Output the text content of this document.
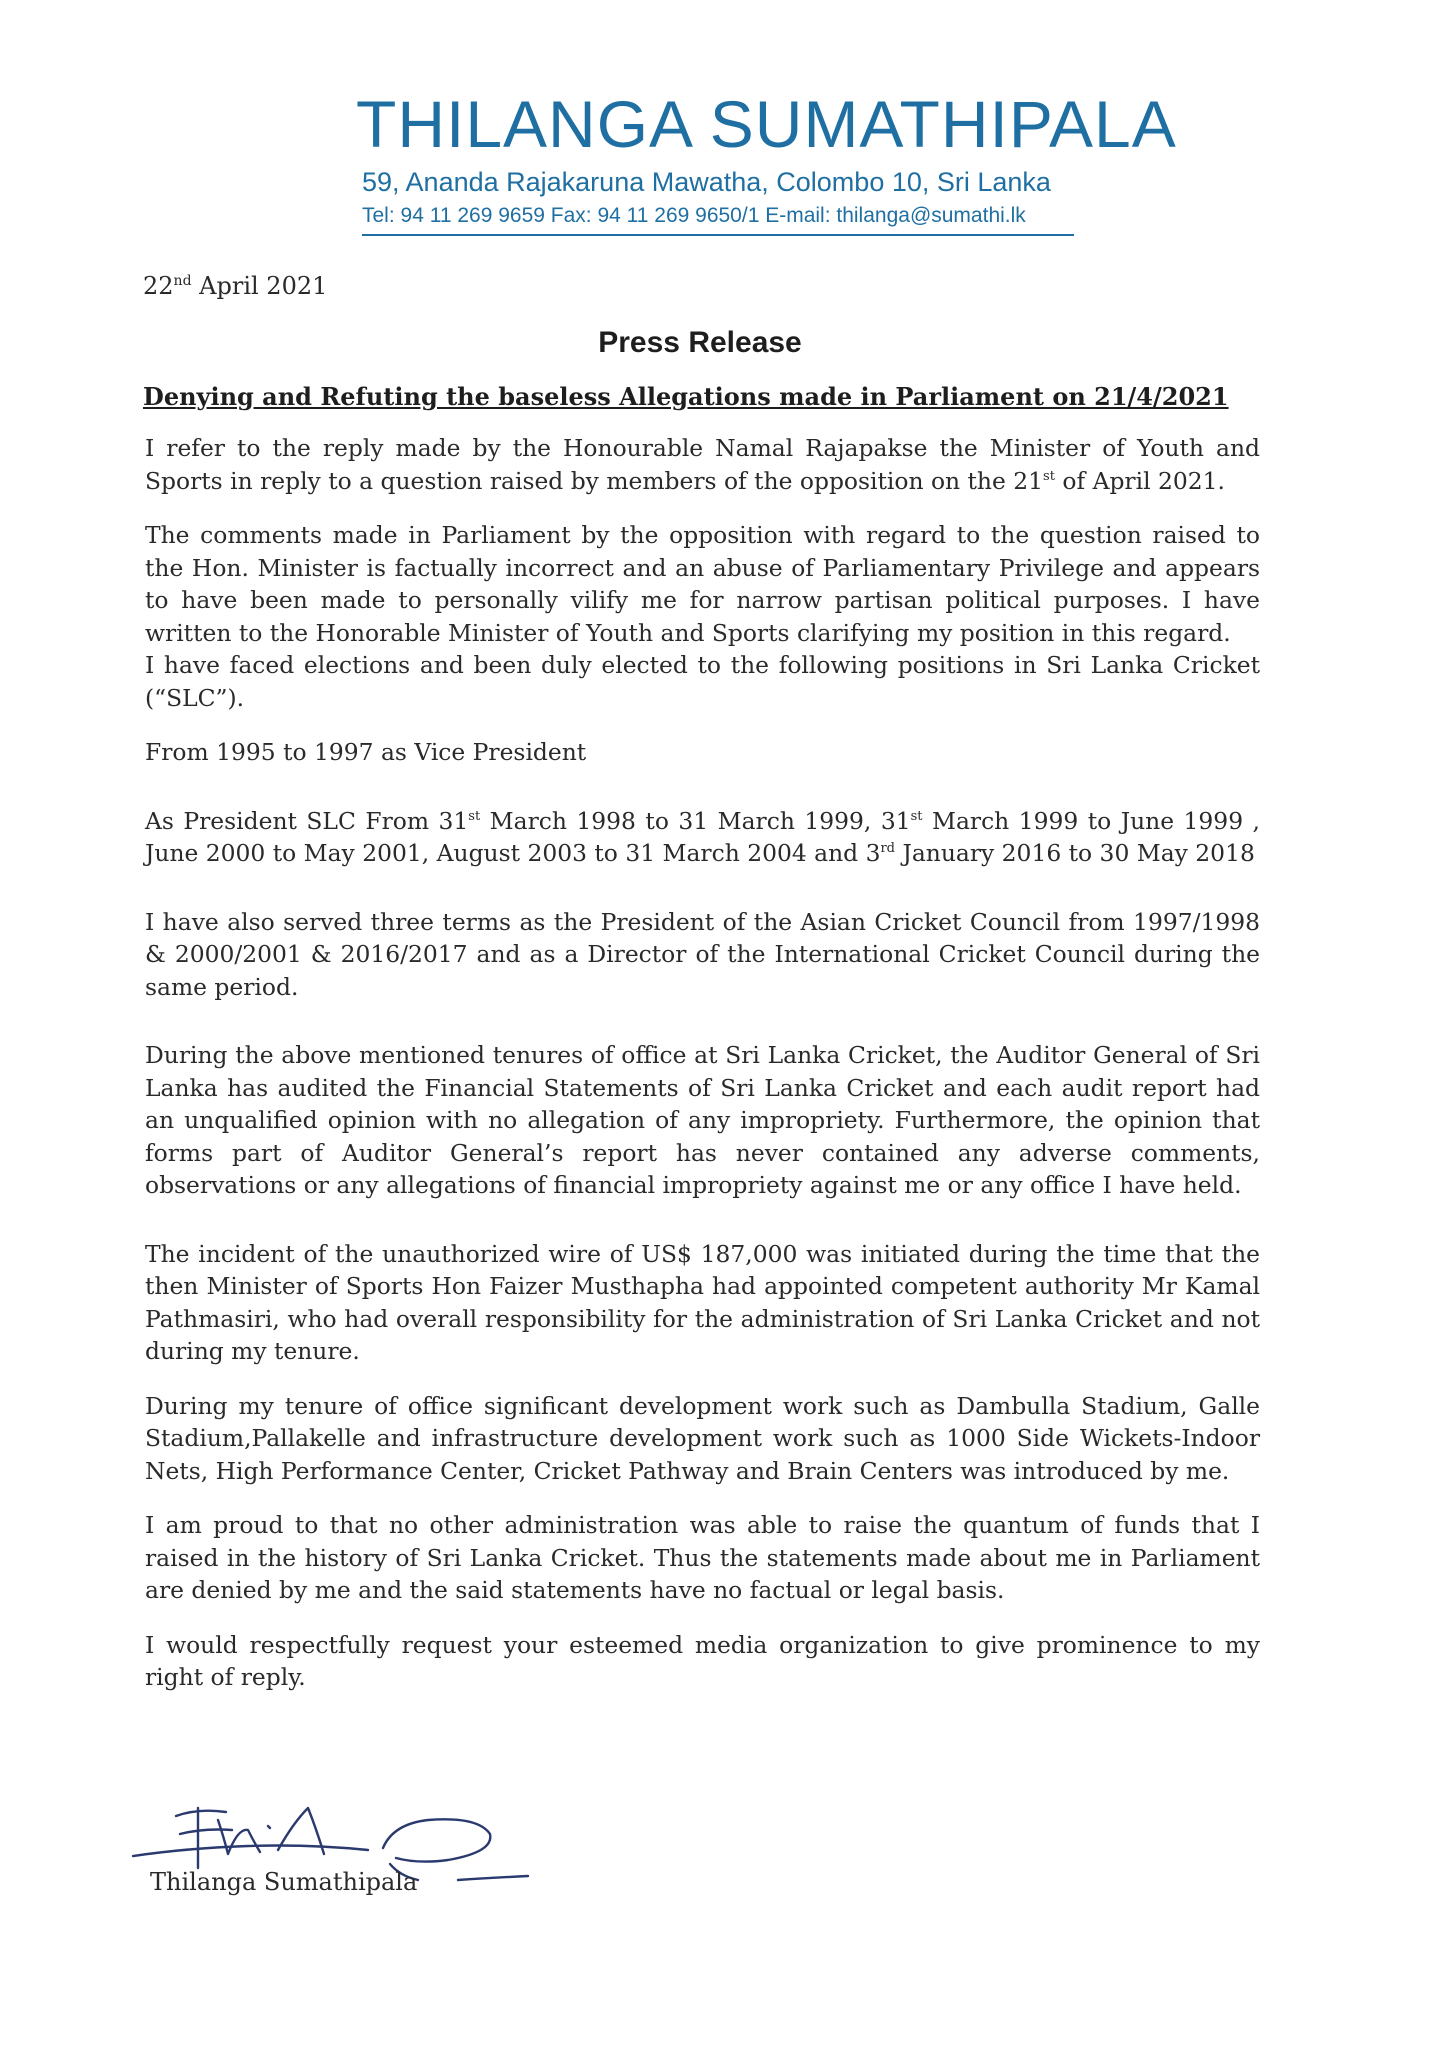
THILANGA SUMATHIPALA
59, Ananda Rajakaruna Mawatha, Colombo 10, Sri Lanka
Tel: 94 11 269 9659 Fax: 94 11 269 9650/1 E-mail: thilanga@sumathi.lk
22nd April 2021
Press Release
Denying and Refuting the baseless Allegations made in Parliament on 21/4/2021

I refer to the reply made by the Honourable Namal Rajapakse the Minister of Youth and Sports in reply to a question raised by members of the opposition on the 21st of April 2021.

The comments made in Parliament by the opposition with regard to the question raised to the Hon. Minister is factually incorrect and an abuse of Parliamentary Privilege and appears to have been made to personally vilify me for narrow partisan political purposes. I have written to the Honorable Minister of Youth and Sports clarifying my position in this regard.

I have faced elections and been duly elected to the following positions in Sri Lanka Cricket (“SLC”).

From 1995 to 1997 as Vice President

As President SLC From 31st March 1998 to 31 March 1999, 31st March 1999 to June 1999 , June 2000 to May 2001, August 2003 to 31 March 2004 and 3rd January 2016 to 30 May 2018

I have also served three terms as the President of the Asian Cricket Council from 1997/1998 & 2000/2001 & 2016/2017 and as a Director of the International Cricket Council during the same period.

During the above mentioned tenures of office at Sri Lanka Cricket, the Auditor General of Sri Lanka has audited the Financial Statements of Sri Lanka Cricket and each audit report had an unqualified opinion with no allegation of any impropriety. Furthermore, the opinion that forms part of Auditor General’s report has never contained any adverse comments, observations or any allegations of financial impropriety against me or any office I have held.

The incident of the unauthorized wire of US$ 187,000 was initiated during the time that the then Minister of Sports Hon Faizer Musthapha had appointed competent authority Mr Kamal Pathmasiri, who had overall responsibility for the administration of Sri Lanka Cricket and not during my tenure.

During my tenure of office significant development work such as Dambulla Stadium, Galle Stadium,Pallakelle and infrastructure development work such as 1000 Side Wickets-Indoor Nets, High Performance Center, Cricket Pathway and Brain Centers was introduced by me.

I am proud to that no other administration was able to raise the quantum of funds that I raised in the history of Sri Lanka Cricket. Thus the statements made about me in Parliament are denied by me and the said statements have no factual or legal basis.

I would respectfully request your esteemed media organization to give prominence to my right of reply.

Thilanga Sumathipala
